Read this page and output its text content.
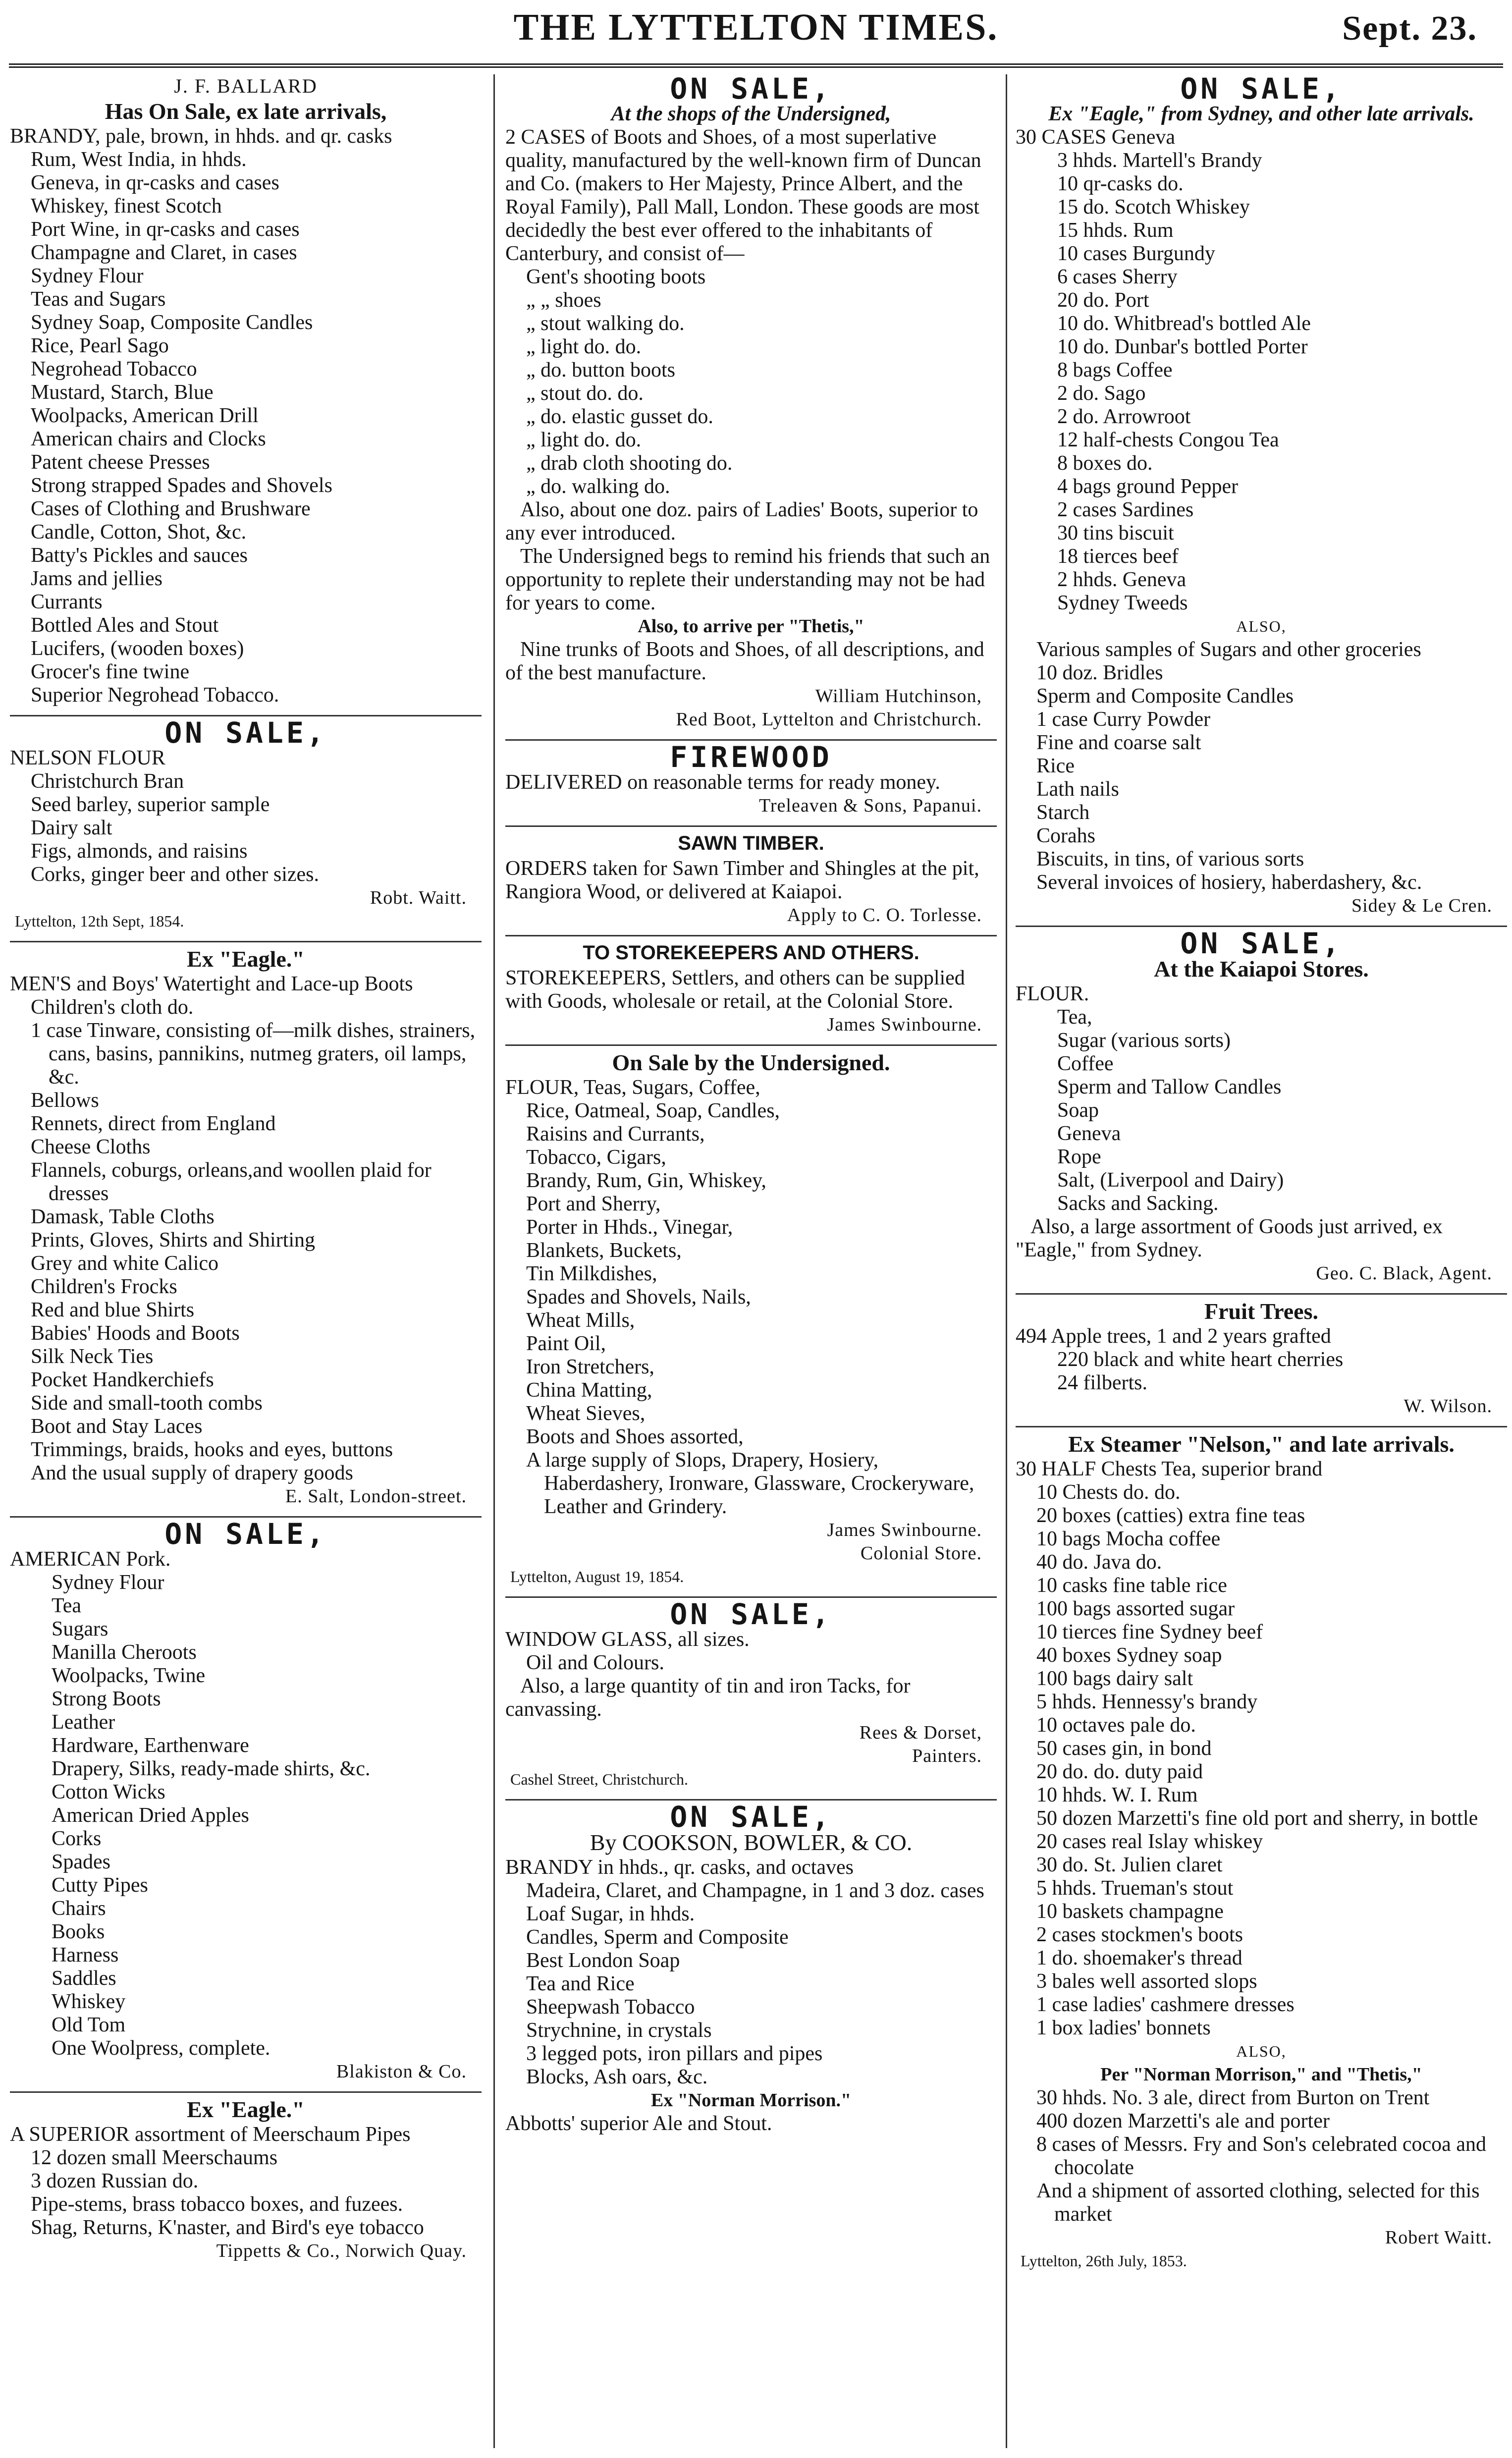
THE LYTTELTON TIMES.	Sept. 23.
J. F. BALLARD
Has On Sale, ex late arrivals,
BRANDY, pale, brown, in hhds. and qr. casks
Rum, West India, in hhds.
Geneva, in qr-casks and cases
Whiskey, finest Scotch
Port Wine, in qr-casks and cases
Champagne and Claret, in cases
Sydney Flour
Teas and Sugars
Sydney Soap, Composite Candles
Rice, Pearl Sago
Negrohead Tobacco
Mustard, Starch, Blue
Woolpacks, American Drill
American chairs and Clocks
Patent cheese Presses
Strong strapped Spades and Shovels
Cases of Clothing and Brushware
Candle, Cotton, Shot, &c.
Batty's Pickles and sauces
Jams and jellies
Currants
Bottled Ales and Stout
Lucifers, (wooden boxes)
Grocer's fine twine
Superior Negrohead Tobacco.
ON SALE,
NELSON FLOUR
Christchurch Bran
Seed barley, superior sample
Dairy salt
Figs, almonds, and raisins
Corks, ginger beer and other sizes.
Robt. Waitt.
Lyttelton, 12th Sept, 1854.
Ex "Eagle."
MEN'S and Boys' Watertight and Lace-up Boots
Children's cloth do.
1 case Tinware, consisting of—milk dishes, strainers, cans, basins, pannikins, nutmeg graters, oil lamps, &c.
Bellows
Rennets, direct from England
Cheese Cloths
Flannels, coburgs, orleans,and woollen plaid for dresses
Damask, Table Cloths
Prints, Gloves, Shirts and Shirting
Grey and white Calico
Children's Frocks
Red and blue Shirts
Babies' Hoods and Boots
Silk Neck Ties
Pocket Handkerchiefs
Side and small-tooth combs
Boot and Stay Laces
Trimmings, braids, hooks and eyes, buttons
And the usual supply of drapery goods
E. Salt, London-street.
ON SALE,
AMERICAN Pork.
Sydney Flour
Tea
Sugars
Manilla Cheroots
Woolpacks, Twine
Strong Boots
Leather
Hardware, Earthenware
Drapery, Silks, ready-made shirts, &c.
Cotton Wicks
American Dried Apples
Corks
Spades
Cutty Pipes
Chairs
Books
Harness
Saddles
Whiskey
Old Tom
One Woolpress, complete.
Blakiston & Co.
Ex "Eagle."
A SUPERIOR assortment of Meerschaum Pipes
12 dozen small Meerschaums
3 dozen Russian do.
Pipe-stems, brass tobacco boxes, and fuzees.
Shag, Returns, K'naster, and Bird's eye tobacco
Tippetts & Co., Norwich Quay.
ON SALE,
At the shops of the Undersigned,
2 CASES of Boots and Shoes, of a most superlative quality, manufactured by the well-known firm of Duncan and Co. (makers to Her Majesty, Prince Albert, and the Royal Family), Pall Mall, London. These goods are most decidedly the best ever offered to the inhabitants of Canterbury, and consist of—
Gent's shooting boots
„ „ shoes
„ stout walking do.
„ light do. do.
„ do. button boots
„ stout do. do.
„ do. elastic gusset do.
„ light do. do.
„ drab cloth shooting do.
„ do. walking do.

Also, about one doz. pairs of Ladies' Boots, superior to any ever introduced.

The Undersigned begs to remind his friends that such an opportunity to replete their understanding may not be had for years to come.

Also, to arrive per "Thetis,"

Nine trunks of Boots and Shoes, of all descriptions, and of the best manufacture.

William Hutchinson,
Red Boot, Lyttelton and Christchurch.
FIREWOOD
DELIVERED on reasonable terms for ready money.
Treleaven & Sons, Papanui.
SAWN TIMBER.
ORDERS taken for Sawn Timber and Shingles at the pit, Rangiora Wood, or delivered at Kaiapoi.
Apply to C. O. Torlesse.
TO STOREKEEPERS AND OTHERS.
STOREKEEPERS, Settlers, and others can be supplied with Goods, wholesale or retail, at the Colonial Store.
James Swinbourne.
On Sale by the Undersigned.
FLOUR, Teas, Sugars, Coffee,
Rice, Oatmeal, Soap, Candles,
Raisins and Currants,
Tobacco, Cigars,
Brandy, Rum, Gin, Whiskey,
Port and Sherry,
Porter in Hhds., Vinegar,
Blankets, Buckets,
Tin Milkdishes,
Spades and Shovels, Nails,
Wheat Mills,
Paint Oil,
Iron Stretchers,
China Matting,
Wheat Sieves,
Boots and Shoes assorted,
A large supply of Slops, Drapery, Hosiery, Haberdashery, Ironware, Glassware, Crockeryware, Leather and Grindery.
James Swinbourne.
Colonial Store.
Lyttelton, August 19, 1854.
ON SALE,
WINDOW GLASS, all sizes.
Oil and Colours.

Also, a large quantity of tin and iron Tacks, for canvassing.

Rees & Dorset,
Painters.
Cashel Street, Christchurch.
ON SALE,
By COOKSON, BOWLER, & CO.
BRANDY in hhds., qr. casks, and octaves
Madeira, Claret, and Champagne, in 1 and 3 doz. cases
Loaf Sugar, in hhds.
Candles, Sperm and Composite
Best London Soap
Tea and Rice
Sheepwash Tobacco
Strychnine, in crystals
3 legged pots, iron pillars and pipes
Blocks, Ash oars, &c.
Ex "Norman Morrison."
Abbotts' superior Ale and Stout.
ON SALE,
Ex "Eagle," from Sydney, and other late arrivals.
30 CASES Geneva
3 hhds. Martell's Brandy
10 qr-casks do.
15 do. Scotch Whiskey
15 hhds. Rum
10 cases Burgundy
6 cases Sherry
20 do. Port
10 do. Whitbread's bottled Ale
10 do. Dunbar's bottled Porter
8 bags Coffee
2 do. Sago
2 do. Arrowroot
12 half-chests Congou Tea
8 boxes do.
4 bags ground Pepper
2 cases Sardines
30 tins biscuit
18 tierces beef
2 hhds. Geneva
Sydney Tweeds
ALSO,
Various samples of Sugars and other groceries
10 doz. Bridles
Sperm and Composite Candles
1 case Curry Powder
Fine and coarse salt
Rice
Lath nails
Starch
Corahs
Biscuits, in tins, of various sorts
Several invoices of hosiery, haberdashery, &c.
Sidey & Le Cren.
ON SALE,
At the Kaiapoi Stores.
FLOUR.
Tea,
Sugar (various sorts)
Coffee
Sperm and Tallow Candles
Soap
Geneva
Rope
Salt, (Liverpool and Dairy)
Sacks and Sacking.

Also, a large assortment of Goods just arrived, ex "Eagle," from Sydney.

Geo. C. Black, Agent.
Fruit Trees.
494 Apple trees, 1 and 2 years grafted
220 black and white heart cherries
24 filberts.
W. Wilson.
Ex Steamer "Nelson," and late arrivals.
30 HALF Chests Tea, superior brand
10 Chests do. do.
20 boxes (catties) extra fine teas
10 bags Mocha coffee
40 do. Java do.
10 casks fine table rice
100 bags assorted sugar
10 tierces fine Sydney beef
40 boxes Sydney soap
100 bags dairy salt
5 hhds. Hennessy's brandy
10 octaves pale do.
50 cases gin, in bond
20 do. do. duty paid
10 hhds. W. I. Rum
50 dozen Marzetti's fine old port and sherry, in bottle
20 cases real Islay whiskey
30 do. St. Julien claret
5 hhds. Trueman's stout
10 baskets champagne
2 cases stockmen's boots
1 do. shoemaker's thread
3 bales well assorted slops
1 case ladies' cashmere dresses
1 box ladies' bonnets
ALSO,
Per "Norman Morrison," and "Thetis,"
30 hhds. No. 3 ale, direct from Burton on Trent
400 dozen Marzetti's ale and porter
8 cases of Messrs. Fry and Son's celebrated cocoa and chocolate
And a shipment of assorted clothing, selected for this market
Robert Waitt.
Lyttelton, 26th July, 1853.
